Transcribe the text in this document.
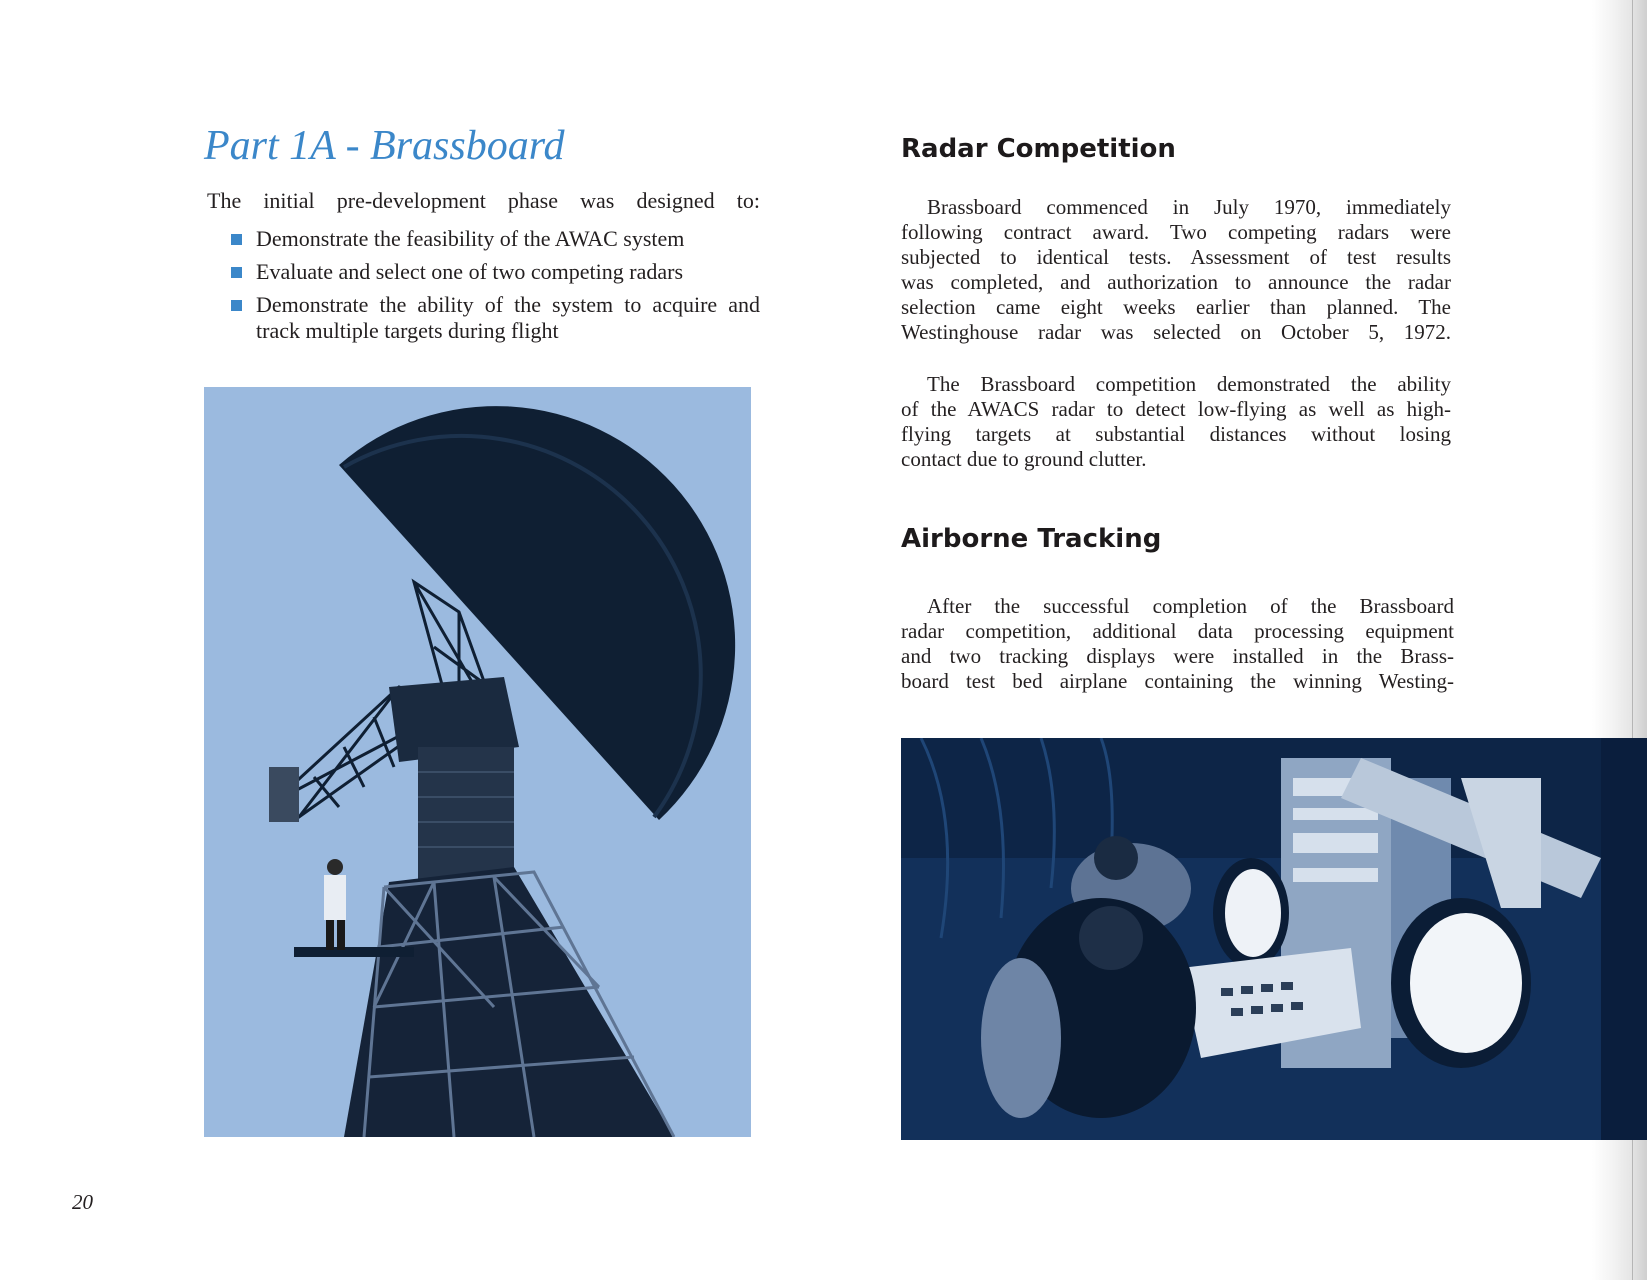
Part 1A - Brassboard

The initial pre-development phase was designed to:

Demonstrate the feasibility of the AWAC system
Evaluate and select one of two competing radars
Demonstrate the ability of the system to acquire and track multiple targets during flight
Radar Competition

Brassboard commenced in July 1970, immediately
following contract award. Two competing radars were
subjected to identical tests. Assessment of test results
was completed, and authorization to announce the radar
selection came eight weeks earlier than planned. The
Westinghouse radar was selected on October 5, 1972.

The Brassboard competition demonstrated the ability
of the AWACS radar to detect low-flying as well as high-
flying targets at substantial distances without losing
contact due to ground clutter.

Airborne Tracking

After the successful completion of the Brassboard
radar competition, additional data processing equipment
and two tracking displays were installed in the Brass-
board test bed airplane containing the winning Westing-

20
